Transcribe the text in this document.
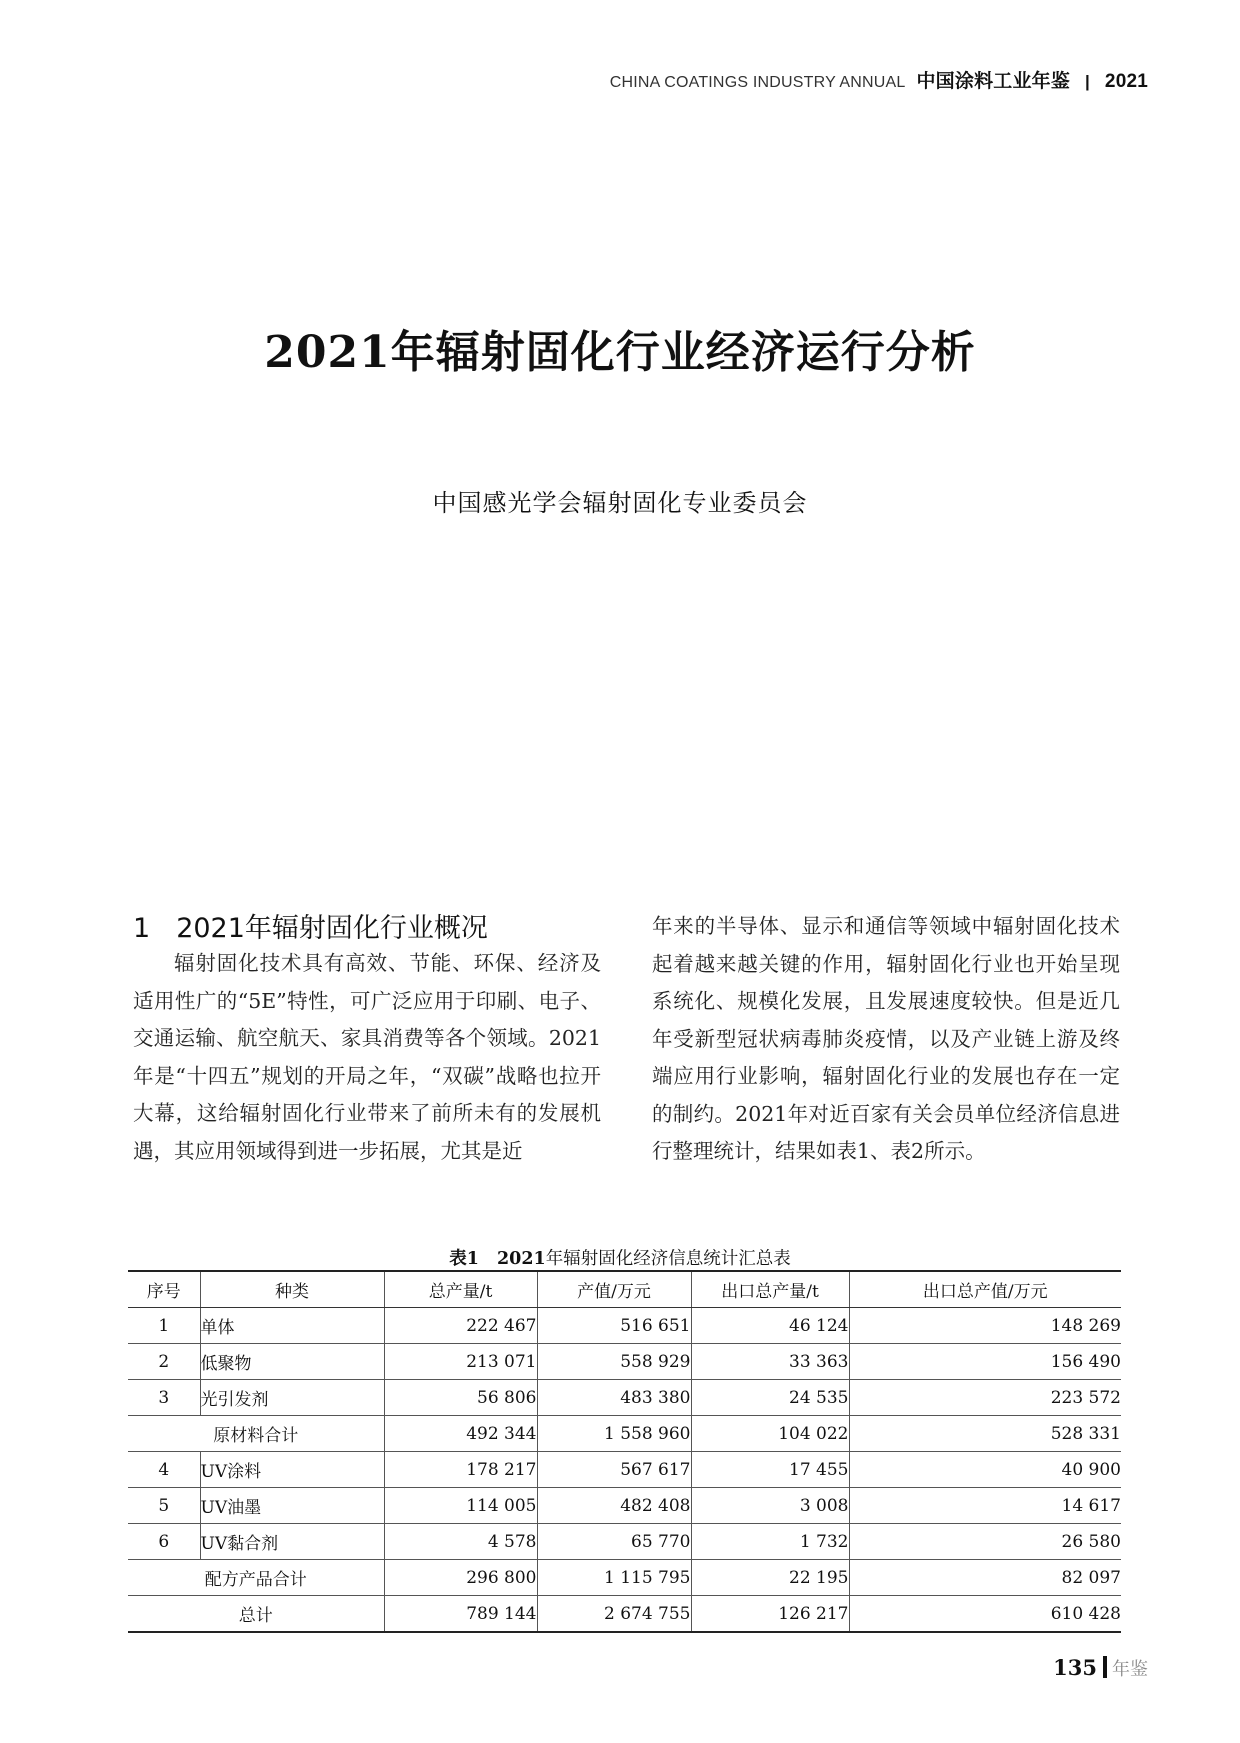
CHINA COATINGS INDUSTRY ANNUAL 中国涂料工业年鉴 | 2021
2021年辐射固化行业经济运行分析
中国感光学会辐射固化专业委员会
1 2021年辐射固化行业概况
辐射固化技术具有高效、节能、环保、经济及适用性广的“5E”特性，可广泛应用于印刷、电子、交通运输、航空航天、家具消费等各个领域。2021年是“十四五”规划的开局之年，“双碳”战略也拉开大幕，这给辐射固化行业带来了前所未有的发展机遇，其应用领域得到进一步拓展，尤其是近
年来的半导体、显示和通信等领域中辐射固化技术起着越来越关键的作用，辐射固化行业也开始呈现系统化、规模化发展，且发展速度较快。但是近几年受新型冠状病毒肺炎疫情，以及产业链上游及终端应用行业影响，辐射固化行业的发展也存在一定的制约。2021年对近百家有关会员单位经济信息进行整理统计，结果如表1、表2所示。
表1 2021年辐射固化经济信息统计汇总表
序号	种类	总产量/t	产值/万元	出口总产量/t	出口总产值/万元
1	单体	222 467	516 651	46 124	148 269
2	低聚物	213 071	558 929	33 363	156 490
3	光引发剂	56 806	483 380	24 535	223 572
原材料合计		492 344	1 558 960	104 022	528 331
4	UV涂料	178 217	567 617	17 455	40 900
5	UV油墨	114 005	482 408	3 008	14 617
6	UV黏合剂	4 578	65 770	1 732	26 580
配方产品合计		296 800	1 115 795	22 195	82 097
总计		789 144	2 674 755	126 217	610 428
135 年鉴
